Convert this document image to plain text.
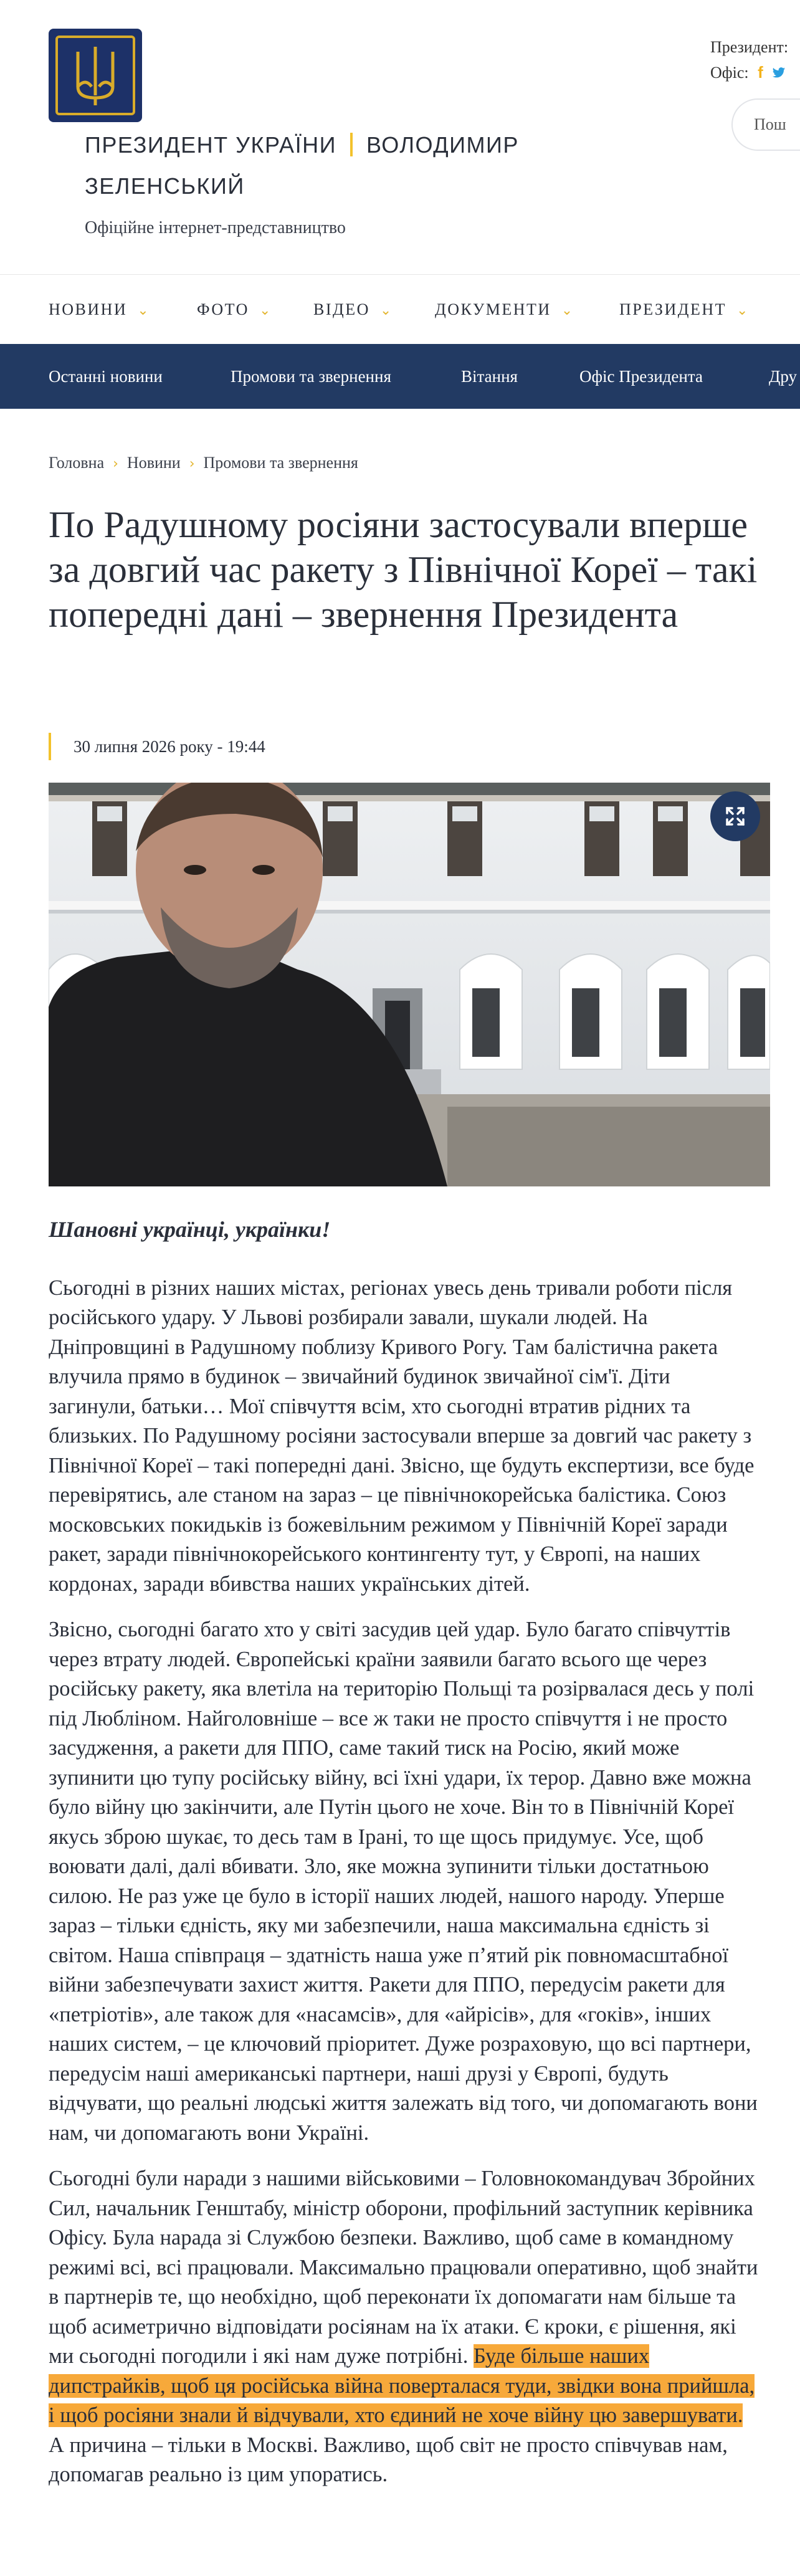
ПРЕЗИДЕНТ УКРАЇНИ ВОЛОДИМИР ЗЕЛЕНСЬКИЙ
Офіційне інтернет-представництво
Президент:
Офіс: f
Пош
НОВИНИ ⌄	ФОТО ⌄	ВІДЕО ⌄	ДОКУМЕНТИ ⌄	ПРЕЗИДЕНТ ⌄
Останні новини	Промови та звернення	Вітання	Офіс Президента	Дру
Головна › Новини › Промови та звернення
По Радушному росіяни застосували вперше за довгий час ракету з Північної Кореї – такі попередні дані – звернення Президента
30 липня 2026 року - 19:44

Шановні українці, українки!

Сьогодні в різних наших містах, регіонах увесь день тривали роботи після російського удару. У Львові розбирали завали, шукали людей. На Дніпровщині в Радушному поблизу Кривого Рогу. Там балістична ракета влучила прямо в будинок – звичайний будинок звичайної сім'ї. Діти загинули, батьки… Мої співчуття всім, хто сьогодні втратив рідних та близьких. По Радушному росіяни застосували вперше за довгий час ракету з Північної Кореї – такі попередні дані. Звісно, ще будуть експертизи, все буде перевірятись, але станом на зараз – це північнокорейська балістика. Союз московських покидьків із божевільним режимом у Північній Кореї заради ракет, заради північнокорейського контингенту тут, у Європі, на наших кордонах, заради вбивства наших українських дітей.

Звісно, сьогодні багато хто у світі засудив цей удар. Було багато співчуттів через втрату людей. Європейські країни заявили багато всього ще через російську ракету, яка влетіла на територію Польщі та розірвалася десь у полі під Люблінoм. Найголовніше – все ж таки не просто співчуття і не просто засудження, а ракети для ППО, саме такий тиск на Росію, який може зупинити цю тупу російську війну, всі їхні удари, їх терор. Давно вже можна було війну цю закінчити, але Путін цього не хоче. Він то в Північній Кореї якусь зброю шукає, то десь там в Ірані, то ще щось придумує. Усе, щоб воювати далі, далі вбивати. Зло, яке можна зупинити тільки достатньою силою. Не раз уже це було в історії наших людей, нашого народу. Уперше зараз – тільки єдність, яку ми забезпечили, наша максимальна єдність зі світом. Наша співпраця – здатність наша уже п’ятий рік повномасштабної війни забезпечувати захист життя. Ракети для ППО, передусім ракети для «петріотів», але також для «насамсів», для «айрісів», для «гоків», інших наших систем, – це ключовий пріоритет. Дуже розраховую, що всі партнери, передусім наші американські партнери, наші друзі у Європі, будуть відчувати, що реальні людські життя залежать від того, чи допомагають вони нам, чи допомагають вони Україні.

Сьогодні були наради з нашими військовими – Головнокомандувач Збройних Сил, начальник Генштабу, міністр оборони, профільний заступник керівника Офісу. Була нарада зі Службою безпеки. Важливо, щоб саме в командному режимі всі, всі працювали. Максимально працювали оперативно, щоб знайти в партнерів те, що необхідно, щоб переконати їх допомагати нам більше та щоб асиметрично відповідати росіянам на їх атаки. Є кроки, є рішення, які ми сьогодні погодили і які нам дуже потрібні. Буде більше наших дипстрайків, щоб ця російська війна поверталася туди, звідки вона прийшла, і щоб росіяни знали й відчували, хто єдиний не хоче війну цю завершувати. А причина – тільки в Москві. Важливо, щоб світ не просто співчував нам, допомагав реально із цим упоратись.
